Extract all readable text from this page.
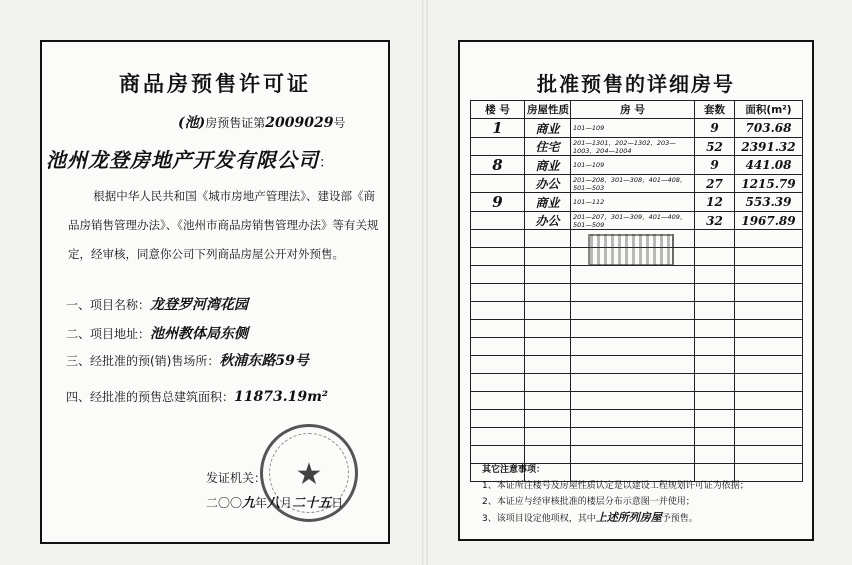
商品房预售许可证
(池)房预售证第2009029号
池州龙登房地产开发有限公司：
根据中华人民共和国《城市房地产管理法》、建设部《商品房销售管理办法》、《池州市商品房销售管理办法》等有关规定，经审核，同意你公司下列商品房屋公开对外预售。
一、项目名称：龙登罗河湾花园
二、项目地址：池州教体局东侧
三、经批准的预(销)售场所：秋浦东路59号
四、经批准的预售总建筑面积：11873.19m²
★
发证机关：
二〇〇九年八月二十五日
批准预售的详细房号
楼 号	房屋性质	房 号	套数	面积(m²)
1	商业	101—109	9	703.68
	住宅	201—1301，202—1302，203—1003，204—1004	52	2391.32
8	商业	101—109	9	441.08
	办公	201—208，301—308，401—408，501—503	27	1215.79
9	商业	101—112	12	553.39
	办公	201—207，301—309，401—409，501—509	32	1967.89

其它注意事项：
1、本证所注楼号及房屋性质认定是以建设工程规划许可证为依据；
2、本证应与经审核批准的楼层分布示意图一并使用；
3、该项目设定他项权，其中上述所列房屋予预售。
